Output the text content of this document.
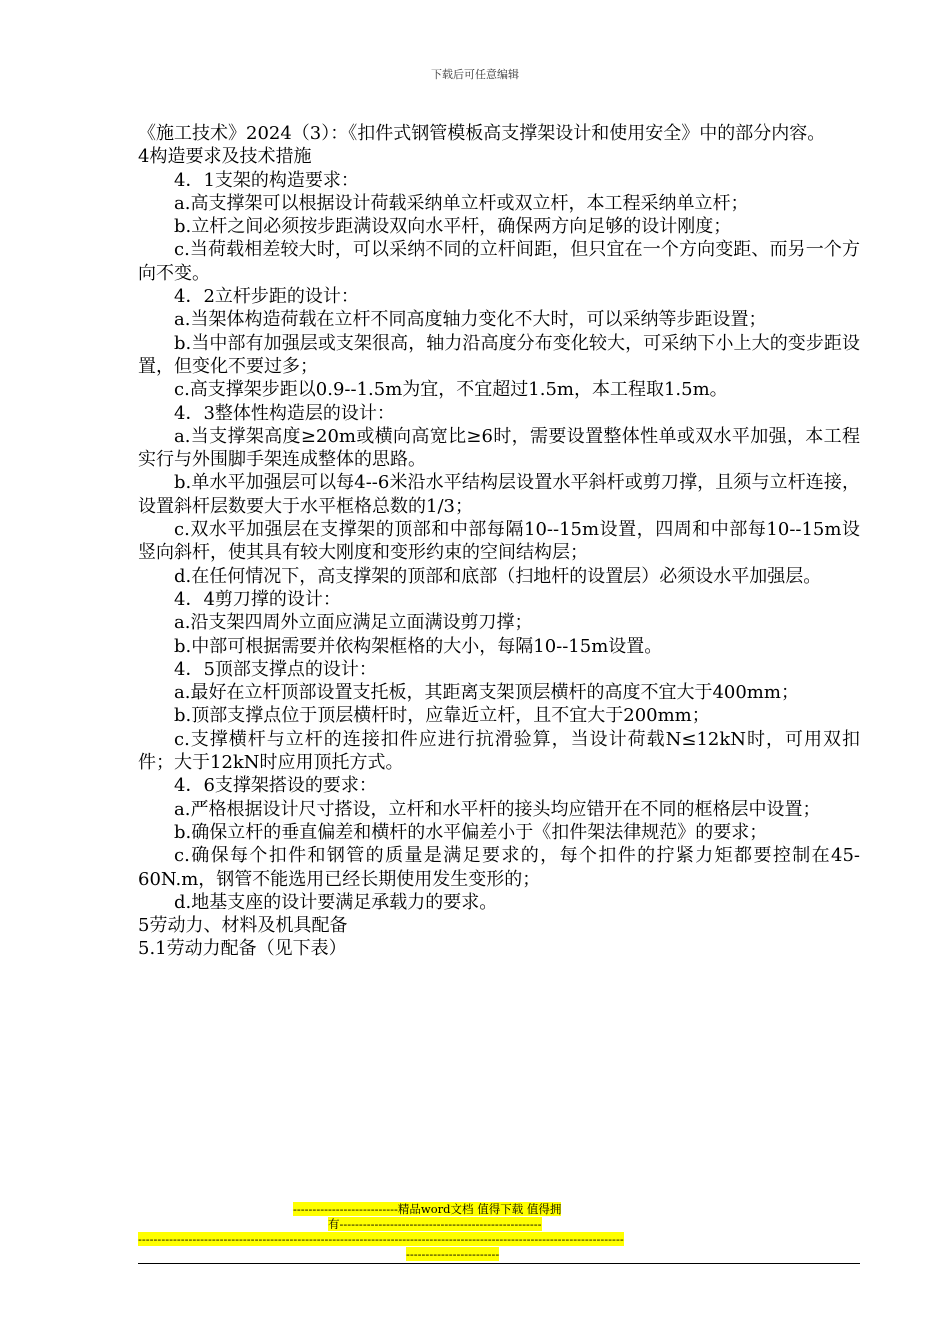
下载后可任意编辑

《施工技术》2024（3）：《扣件式钢管模板高支撑架设计和使用安全》中的部分内容。

4构造要求及技术措施

4．1支架的构造要求：

a.高支撑架可以根据设计荷载采纳单立杆或双立杆，本工程采纳单立杆；

b.立杆之间必须按步距满设双向水平杆，确保两方向足够的设计刚度；

c.当荷载相差较大时，可以采纳不同的立杆间距，但只宜在一个方向变距、而另一个方向不变。

4．2立杆步距的设计：

a.当架体构造荷载在立杆不同高度轴力变化不大时，可以采纳等步距设置；

b.当中部有加强层或支架很高，轴力沿高度分布变化较大，可采纳下小上大的变步距设置，但变化不要过多；

c.高支撑架步距以0.9--1.5m为宜，不宜超过1.5m，本工程取1.5m。

4．3整体性构造层的设计：

a.当支撑架高度≥20m或横向高宽比≥6时，需要设置整体性单或双水平加强，本工程实行与外围脚手架连成整体的思路。

b.单水平加强层可以每4--6米沿水平结构层设置水平斜杆或剪刀撑，且须与立杆连接，设置斜杆层数要大于水平框格总数的1/3；

c.双水平加强层在支撑架的顶部和中部每隔10--15m设置，四周和中部每10--15m设竖向斜杆，使其具有较大刚度和变形约束的空间结构层；

d.在任何情况下，高支撑架的顶部和底部（扫地杆的设置层）必须设水平加强层。

4．4剪刀撑的设计：

a.沿支架四周外立面应满足立面满设剪刀撑；

b.中部可根据需要并依构架框格的大小，每隔10--15m设置。

4．5顶部支撑点的设计：

a.最好在立杆顶部设置支托板，其距离支架顶层横杆的高度不宜大于400mm；

b.顶部支撑点位于顶层横杆时，应靠近立杆，且不宜大于200mm；

c.支撑横杆与立杆的连接扣件应进行抗滑验算，当设计荷载N≤12kN时，可用双扣件；大于12kN时应用顶托方式。

4．6支撑架搭设的要求：

a.严格根据设计尺寸搭设，立杆和水平杆的接头均应错开在不同的框格层中设置；

b.确保立杆的垂直偏差和横杆的水平偏差小于《扣件架法律规范》的要求；

c.确保每个扣件和钢管的质量是满足要求的，每个扣件的拧紧力矩都要控制在45-60N.m，钢管不能选用已经长期使用发生变形的；

d.地基支座的设计要满足承载力的要求。

5劳动力、材料及机具配备

5.1劳动力配备（见下表）

---------------------------精品word文档 值得下载 值得拥
有----------------------------------------------------
-----------------------------------------------------------------------------------------------------------------------------
------------------------
